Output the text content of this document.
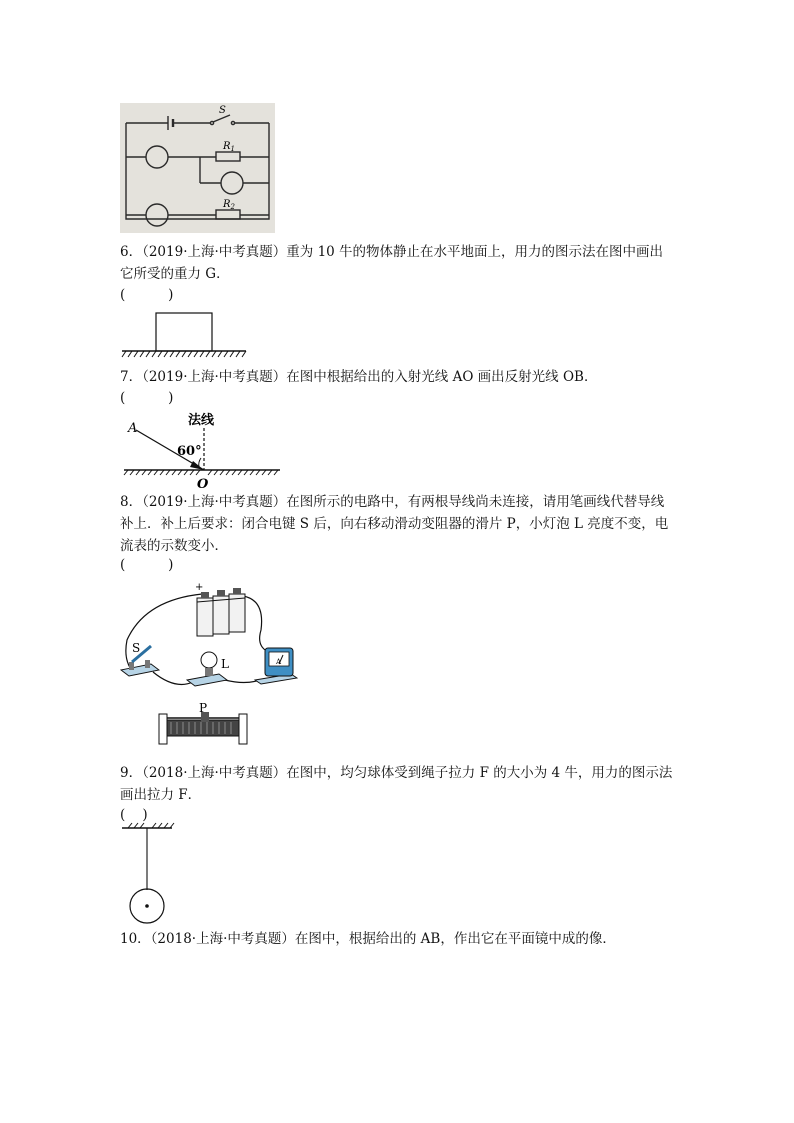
S
$R_1$
$R_2$
6．（2019·上海·中考真题）重为 10 牛的物体静止在水平地面上，用力的图示法在图中画出
它所受的重力 G．
(          )
7．（2019·上海·中考真题）在图中根据给出的入射光线 AO 画出反射光线 OB．
(          )
法线
A
60°
O
8．（2019·上海·中考真题）在图所示的电路中，有两根导线尚未连接，请用笔画线代替导线
补上．补上后要求：闭合电键 S 后，向右移动滑动变阻器的滑片 P，小灯泡 L 亮度不变，电
流表的示数变小．
(          )
+
S
L	A
P
9．（2018·上海·中考真题）在图中，均匀球体受到绳子拉力 F 的大小为 4 牛，用力的图示法
画出拉力 F．
(    )
10．（2018·上海·中考真题）在图中，根据给出的 AB，作出它在平面镜中成的像．
